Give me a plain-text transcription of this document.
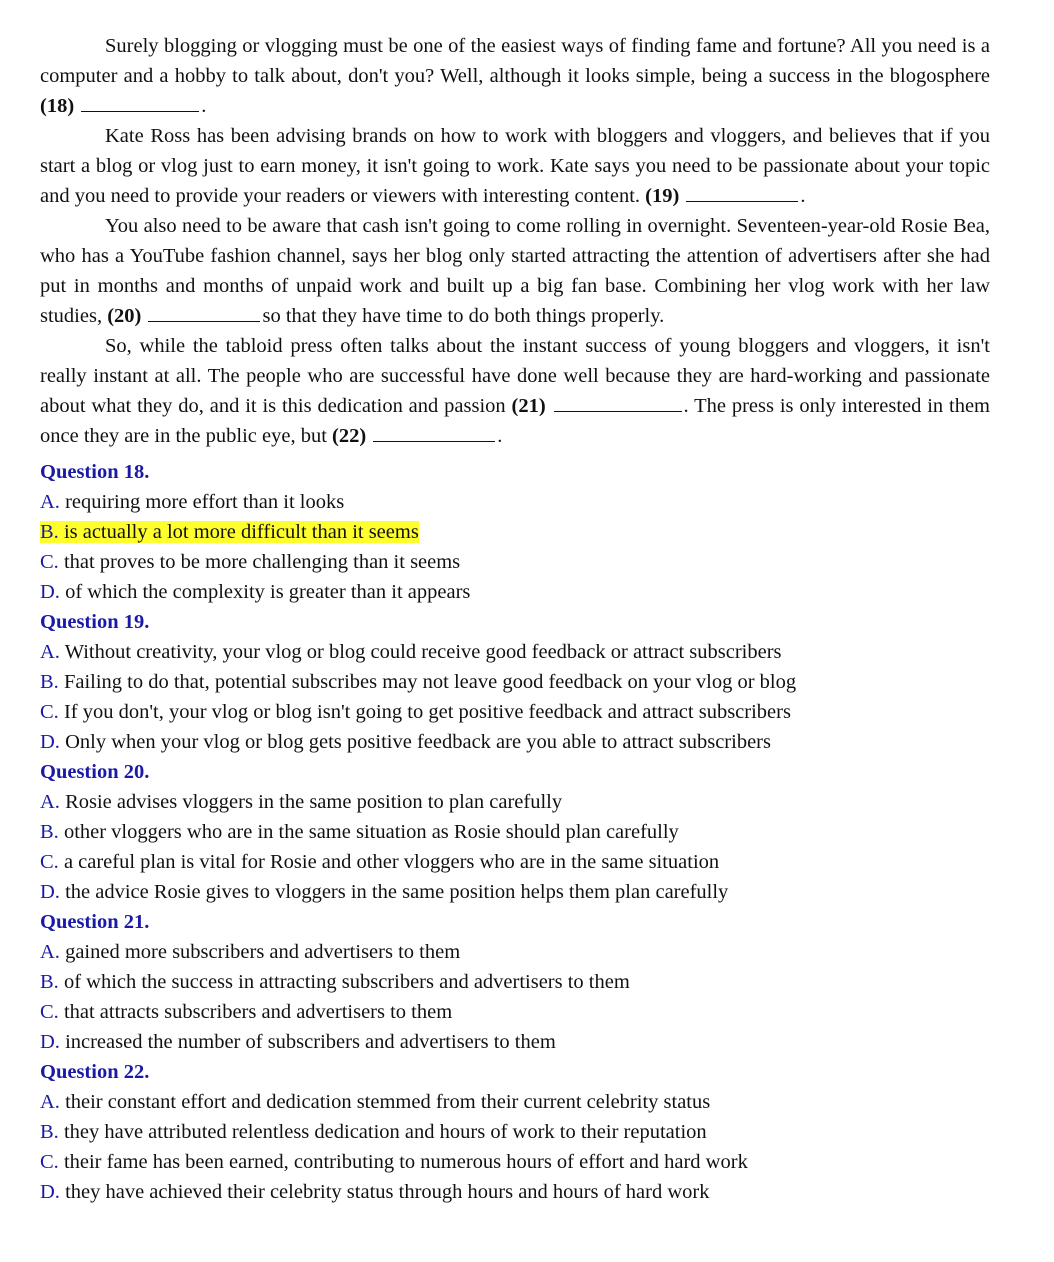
Surely blogging or vlogging must be one of the easiest ways of finding fame and fortune? All you need is a computer and a hobby to talk about, don't you? Well, although it looks simple, being a success in the blogosphere (18)	.

Kate Ross has been advising brands on how to work with bloggers and vloggers, and believes that if you start a blog or vlog just to earn money, it isn't going to work. Kate says you need to be passionate about your topic and you need to provide your readers or viewers with interesting content. (19)	.

You also need to be aware that cash isn't going to come rolling in overnight. Seventeen-year-old Rosie Bea, who has a YouTube fashion channel, says her blog only started attracting the attention of advertisers after she had put in months and months of unpaid work and built up a big fan base. Combining her vlog work with her law studies, (20)	so that they have time to do both things properly.

So, while the tabloid press often talks about the instant success of young bloggers and vloggers, it isn't really instant at all. The people who are successful have done well because they are hard-working and passionate about what they do, and it is this dedication and passion (21)	. The press is only interested in them once they are in the public eye, but (22)	.

Question 18.

A. requiring more effort than it looks

B. is actually a lot more difficult than it seems

C. that proves to be more challenging than it seems

D. of which the complexity is greater than it appears

Question 19.

A. Without creativity, your vlog or blog could receive good feedback or attract subscribers

B. Failing to do that, potential subscribes may not leave good feedback on your vlog or blog

C. If you don't, your vlog or blog isn't going to get positive feedback and attract subscribers

D. Only when your vlog or blog gets positive feedback are you able to attract subscribers

Question 20.

A. Rosie advises vloggers in the same position to plan carefully

B. other vloggers who are in the same situation as Rosie should plan carefully

C. a careful plan is vital for Rosie and other vloggers who are in the same situation

D. the advice Rosie gives to vloggers in the same position helps them plan carefully

Question 21.

A. gained more subscribers and advertisers to them

B. of which the success in attracting subscribers and advertisers to them

C. that attracts subscribers and advertisers to them

D. increased the number of subscribers and advertisers to them

Question 22.

A. their constant effort and dedication stemmed from their current celebrity status

B. they have attributed relentless dedication and hours of work to their reputation

C. their fame has been earned, contributing to numerous hours of effort and hard work

D. they have achieved their celebrity status through hours and hours of hard work
